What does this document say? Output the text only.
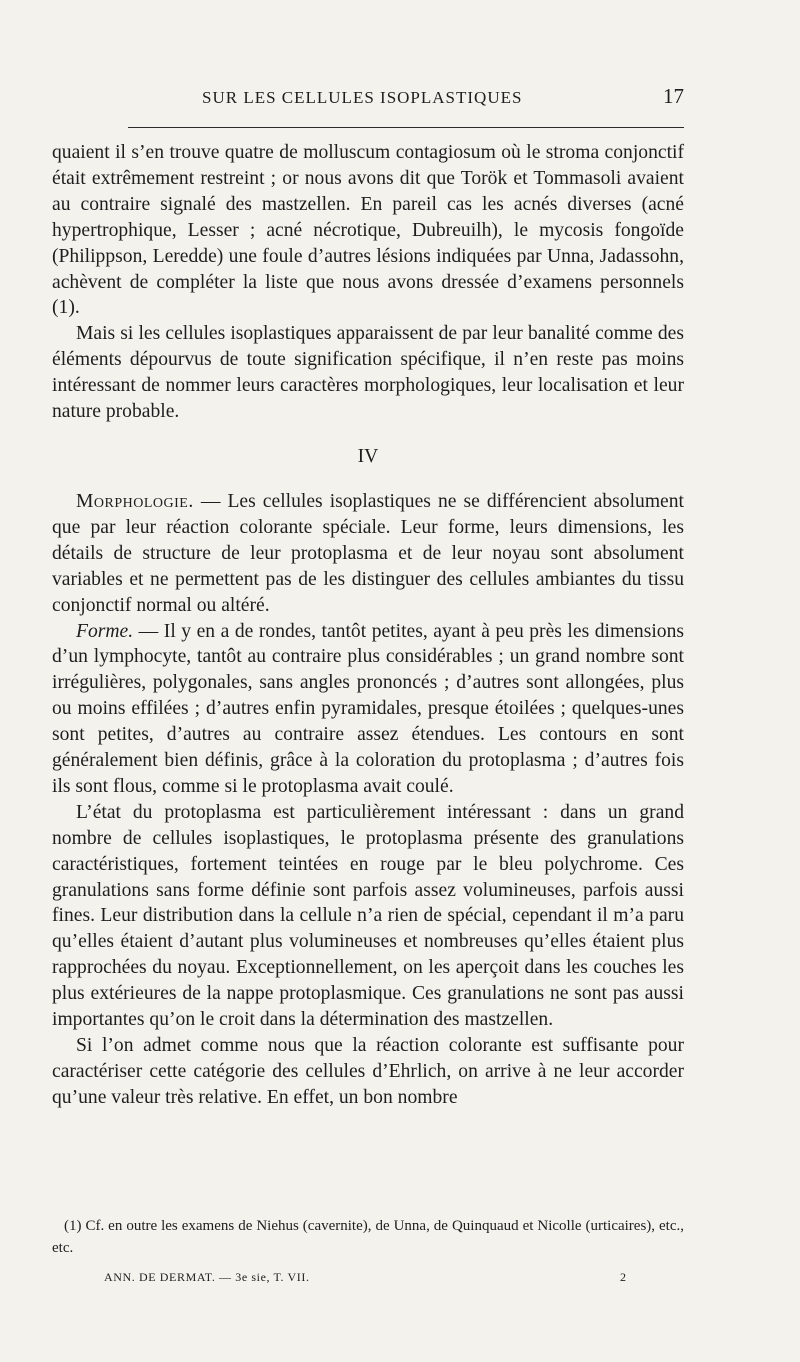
SUR LES CELLULES ISOPLASTIQUES	17

quaient il s’en trouve quatre de molluscum contagiosum où le stroma conjonctif était extrêmement restreint ; or nous avons dit que Torök et Tommasoli avaient au contraire signalé des mastzellen. En pareil cas les acnés diverses (acné hypertrophique, Lesser ; acné nécrotique, Dubreuilh), le mycosis fongoïde (Philippson, Leredde) une foule d’autres lésions indiquées par Unna, Jadassohn, achèvent de compléter la liste que nous avons dressée d’examens personnels (1).

Mais si les cellules isoplastiques apparaissent de par leur banalité comme des éléments dépourvus de toute signification spécifique, il n’en reste pas moins intéressant de nommer leurs caractères morphologiques, leur localisation et leur nature probable.

IV

Morphologie. — Les cellules isoplastiques ne se différencient absolument que par leur réaction colorante spéciale. Leur forme, leurs dimensions, les détails de structure de leur protoplasma et de leur noyau sont absolument variables et ne permettent pas de les distinguer des cellules ambiantes du tissu conjonctif normal ou altéré.

Forme. — Il y en a de rondes, tantôt petites, ayant à peu près les dimensions d’un lymphocyte, tantôt au contraire plus considérables ; un grand nombre sont irrégulières, polygonales, sans angles prononcés ; d’autres sont allongées, plus ou moins effilées ; d’autres enfin pyramidales, presque étoilées ; quelques-unes sont petites, d’autres au contraire assez étendues. Les contours en sont généralement bien définis, grâce à la coloration du protoplasma ; d’autres fois ils sont flous, comme si le protoplasma avait coulé.

L’état du protoplasma est particulièrement intéressant : dans un grand nombre de cellules isoplastiques, le protoplasma présente des granulations caractéristiques, fortement teintées en rouge par le bleu polychrome. Ces granulations sans forme définie sont parfois assez volumineuses, parfois aussi fines. Leur distribution dans la cellule n’a rien de spécial, cependant il m’a paru qu’elles étaient d’autant plus volumineuses et nombreuses qu’elles étaient plus rapprochées du noyau. Exceptionnellement, on les aperçoit dans les couches les plus extérieures de la nappe protoplasmique. Ces granulations ne sont pas aussi importantes qu’on le croit dans la détermination des mastzellen.

Si l’on admet comme nous que la réaction colorante est suffisante pour caractériser cette catégorie des cellules d’Ehrlich, on arrive à ne leur accorder qu’une valeur très relative. En effet, un bon nombre

(1) Cf. en outre les examens de Niehus (cavernite), de Unna, de Quinquaud et Nicolle (urticaires), etc., etc.

ANN. DE DERMAT. — 3e sie, T. VII.	2
